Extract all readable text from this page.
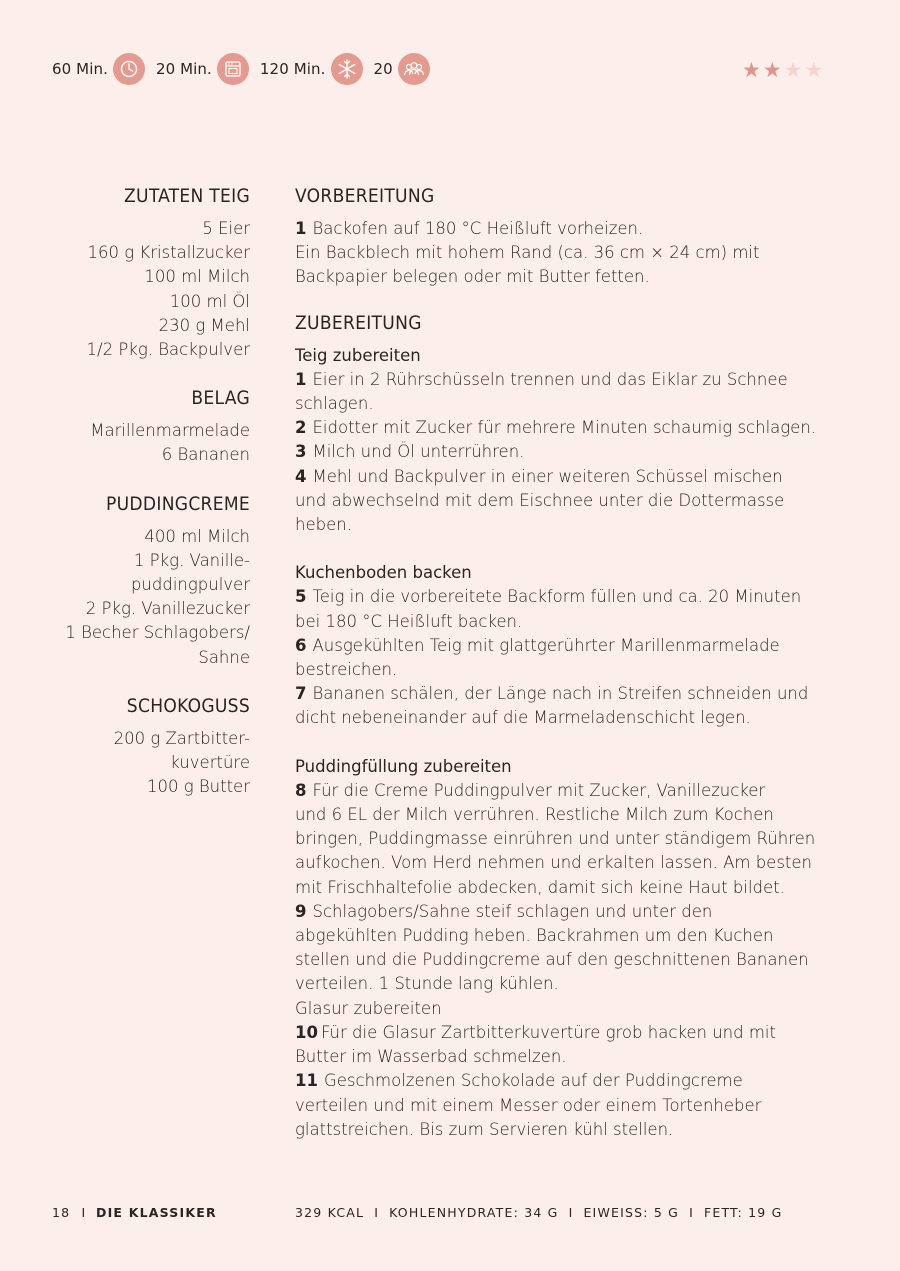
60 Min.	20 Min.	120 Min.	20	★ ★ ★ ★
ZUTATEN TEIG
5 Eier
160 g Kristallzucker
100 ml Milch
100 ml Öl
230 g Mehl
1/2 Pkg. Backpulver
BELAG
Marillenmarmelade
6 Bananen
PUDDINGCREME
400 ml Milch
1 Pkg. Vanille-
puddingpulver
2 Pkg. Vanillezucker
1 Becher Schlagobers/
Sahne
SCHOKOGUSS
200 g Zartbitter-
kuvertüre
100 g Butter
VORBEREITUNG
1 Backofen auf 180 °C Heißluft vorheizen.
Ein Backblech mit hohem Rand (ca. 36 cm × 24 cm) mit
Backpapier belegen oder mit Butter fetten.
ZUBEREITUNG
Teig zubereiten
1 Eier in 2 Rührschüsseln trennen und das Eiklar zu Schnee
schlagen.
2 Eidotter mit Zucker für mehrere Minuten schaumig schlagen.
3 Milch und Öl unterrühren.
4 Mehl und Backpulver in einer weiteren Schüssel mischen
und abwechselnd mit dem Eischnee unter die Dottermasse
heben.
Kuchenboden backen
5 Teig in die vorbereitete Backform füllen und ca. 20 Minuten
bei 180 °C Heißluft backen.
6 Ausgekühlten Teig mit glattgerührter Marillenmarmelade
bestreichen.
7 Bananen schälen, der Länge nach in Streifen schneiden und
dicht nebeneinander auf die Marmeladenschicht legen.
Puddingfüllung zubereiten
8 Für die Creme Puddingpulver mit Zucker, Vanillezucker
und 6 EL der Milch verrühren. Restliche Milch zum Kochen
bringen, Puddingmasse einrühren und unter ständigem Rühren
aufkochen. Vom Herd nehmen und erkalten lassen. Am besten
mit Frischhaltefolie abdecken, damit sich keine Haut bildet.
9 Schlagobers/Sahne steif schlagen und unter den
abgekühlten Pudding heben. Backrahmen um den Kuchen
stellen und die Puddingcreme auf den geschnittenen Bananen
verteilen. 1 Stunde lang kühlen.
Glasur zubereiten
10 Für die Glasur Zartbitterkuvertüre grob hacken und mit
Butter im Wasserbad schmelzen.
11 Geschmolzenen Schokolade auf der Puddingcreme
verteilen und mit einem Messer oder einem Tortenheber
glattstreichen. Bis zum Servieren kühl stellen.
18 I DIE KLASSIKER	329 KCAL I KOHLENHYDRATE: 34 G I EIWEISS: 5 G I FETT: 19 G
